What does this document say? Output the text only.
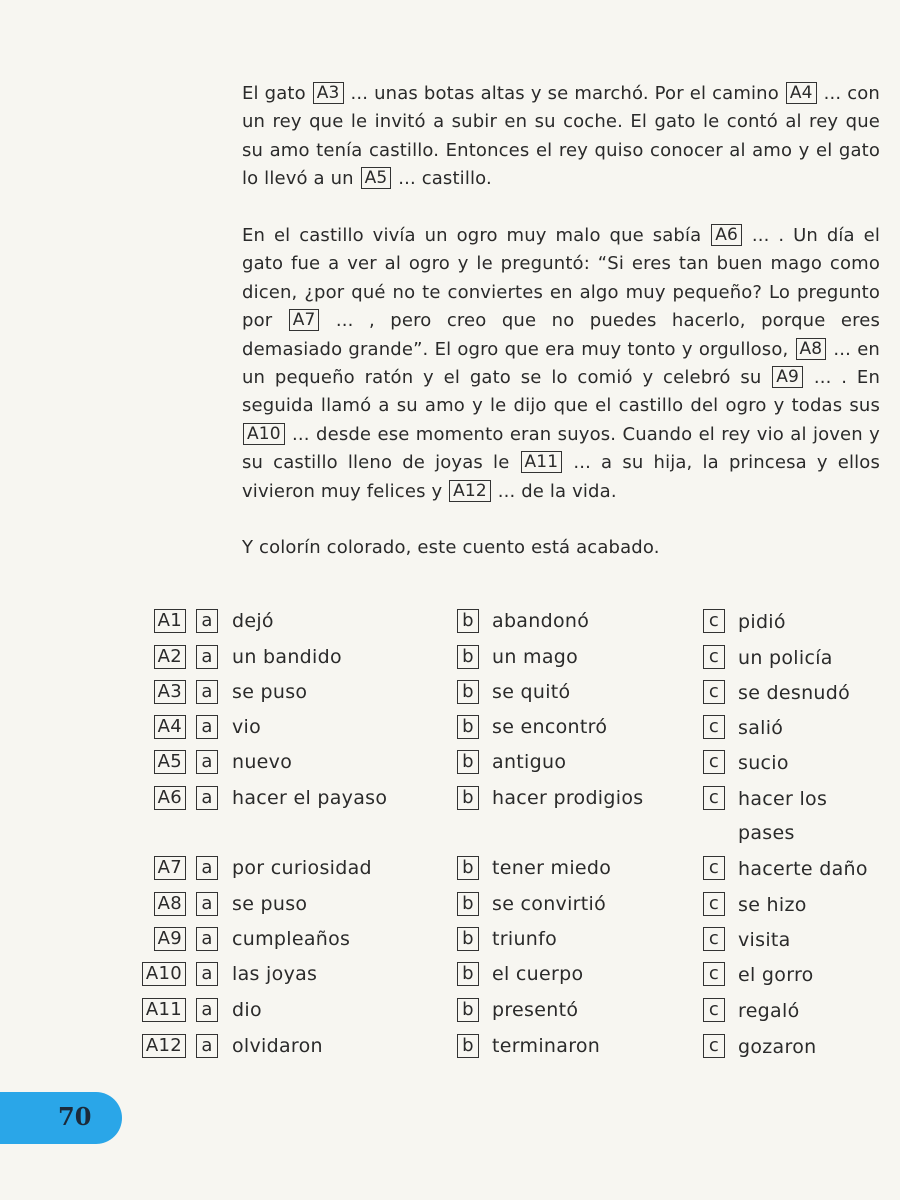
El gato A3 ... unas botas altas y se marchó. Por el camino A4 ... con un rey que le invitó a subir en su coche. El gato le contó al rey que su amo tenía castillo. Entonces el rey quiso conocer al amo y el gato lo llevó a un A5 ... castillo.
En el castillo vivía un ogro muy malo que sabía A6 ... . Un día el gato fue a ver al ogro y le preguntó: “Si eres tan buen mago como dicen, ¿por qué no te conviertes en algo muy pequeño? Lo pregunto por A7 ... , pero creo que no puedes hacerlo, porque eres demasiado grande”. El ogro que era muy tonto y orgulloso, A8 ... en un pequeño ratón y el gato se lo comió y celebró su A9 ... . En seguida llamó a su amo y le dijo que el castillo del ogro y todas sus A10 ... desde ese momento eran suyos. Cuando el rey vio al joven y su castillo lleno de joyas le A11 ... a su hija, la princesa y ellos vivieron muy felices y A12 ... de la vida.
Y colorín colorado, este cuento está acabado.
A1 a dejó	b abandonó	c pidió
A2 a un bandido	b un mago	c un policía
A3 a se puso	b se quitó	c se desnudó
A4 a vio	b se encontró	c salió
A5 a nuevo	b antiguo	c sucio
A6 a hacer el payaso	b hacer prodigios	c hacer los pases
A7 a por curiosidad	b tener miedo	c hacerte daño
A8 a se puso	b se convirtió	c se hizo
A9 a cumpleaños	b triunfo	c visita
A10 a las joyas	b el cuerpo	c el gorro
A11 a dio	b presentó	c regaló
A12 a olvidaron	b terminaron	c gozaron
70
